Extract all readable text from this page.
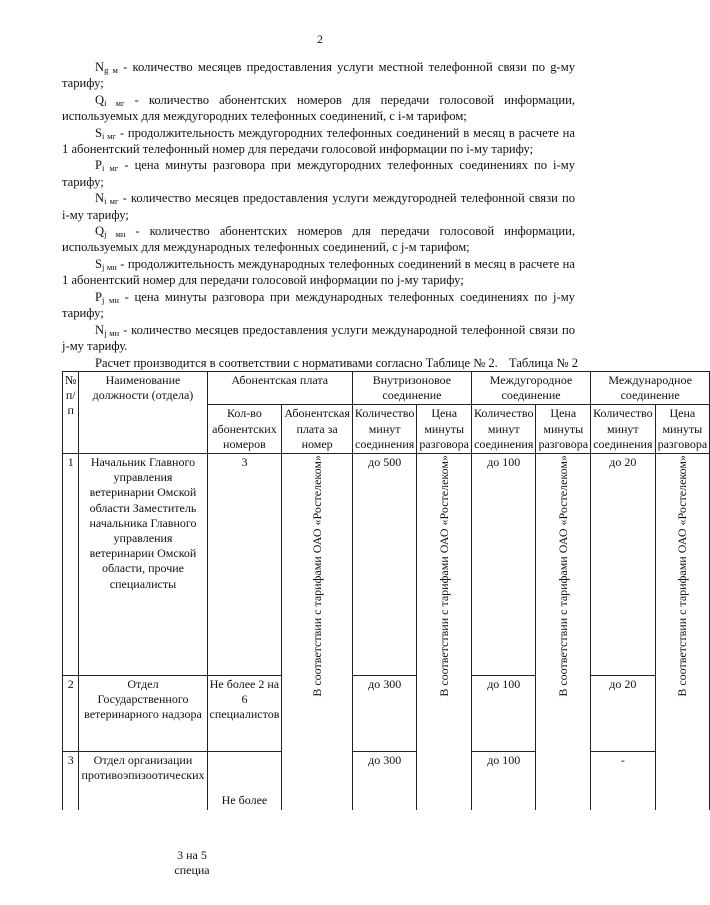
2
Ng м - количество месяцев предоставления услуги местной телефонной связи по g-му тарифу;
Qi мг - количество абонентских номеров для передачи голосовой информации, используемых для междугородних телефонных соединений, с i-м тарифом;
Si мг - продолжительность междугородних телефонных соединений в месяц в расчете на 1 абонентский телефонный номер для передачи голосовой информации по i-му тарифу;
Pi мг - цена минуты разговора при междугородних телефонных соединениях по i-му тарифу;
Ni мг - количество месяцев предоставления услуги междугородней телефонной связи по i-му тарифу;
Qj мн - количество абонентских номеров для передачи голосовой информации, используемых для международных телефонных соединений, с j-м тарифом;
Sj мн - продолжительность международных телефонных соединений в месяц в расчете на 1 абонентский номер для передачи голосовой информации по j-му тарифу;
Pj мн - цена минуты разговора при международных телефонных соединениях по j-му тарифу;
Nj мн - количество месяцев предоставления услуги международной телефонной связи по j-му тарифу.
Расчет производится в соответствии с нормативами согласно Таблице № 2. Таблица № 2
№ п/ п	Наименование должности (отдела)	Абонентская плата		Внутризоновое соединение		Междугородное соединение		Международное соединение	
		Кол-во абонентских номеров	Абонентская плата за номер	Количество минут соединения	Цена минуты разговора	Количество минут соединения	Цена минуты разговора	Количество минут соединения	Цена минуты разговора
1	Начальник Главного управления ветеринарии Омской области Заместитель начальника Главного управления ветеринарии Омской области, прочие специалисты	3	В соответствии с тарифами ОАО «Ростелеком»	до 500	В соответствии с тарифами ОАО «Ростелеком»	до 100	В соответствии с тарифами ОАО «Ростелеком»	до 20	В соответствии с тарифами ОАО «Ростелеком»
2	Отдел Государственного ветеринарного надзора	Не более 2 на 6 специалистов		до 300		до 100		до 20	
3	Отдел организации противоэпизоотических	Не более		до 300		до 100		-	
3 на 5 специа
